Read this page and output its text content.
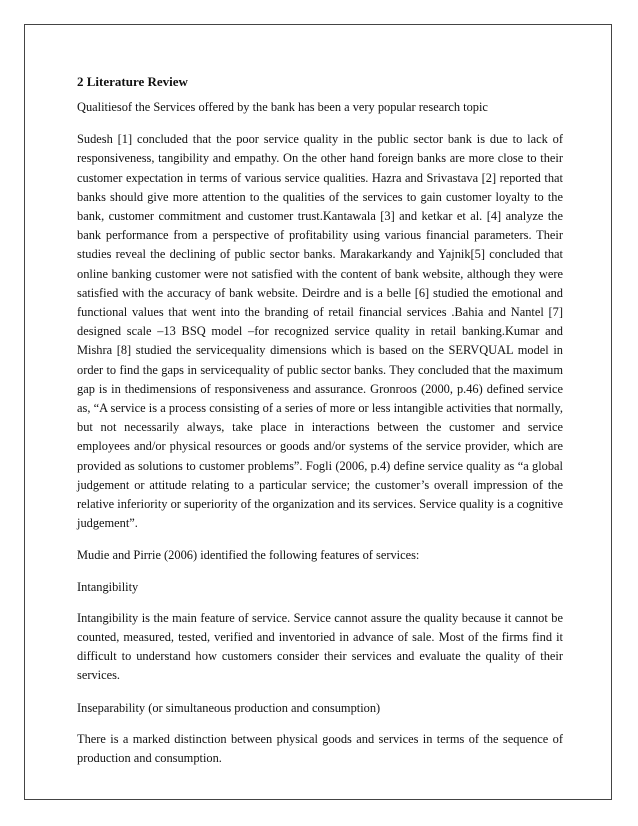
2 Literature Review

Qualitiesof the Services offered by the bank has been a very popular research topic

Sudesh [1] concluded that the poor service quality in the public sector bank is due to lack of responsiveness, tangibility and empathy. On the other hand foreign banks are more close to their customer expectation in terms of various service qualities. Hazra and Srivastava [2] reported that banks should give more attention to the qualities of the services to gain customer loyalty to the bank, customer commitment and customer trust.Kantawala [3] and ketkar et al. [4] analyze the bank performance from a perspective of profitability using various financial parameters. Their studies reveal the declining of public sector banks. Marakarkandy and Yajnik[5] concluded that online banking customer were not satisfied with the content of bank website, although they were satisfied with the accuracy of bank website. Deirdre and is a belle [6] studied the emotional and functional values that went into the branding of retail financial services .Bahia and Nantel [7] designed scale –13 BSQ model –for recognized service quality in retail banking.Kumar and Mishra [8] studied the servicequality dimensions which is based on the SERVQUAL model in order to find the gaps in servicequality of public sector banks. They concluded that the maximum gap is in thedimensions of responsiveness and assurance. Gronroos (2000, p.46) defined service as, “A service is a process consisting of a series of more or less intangible activities that normally, but not necessarily always, take place in interactions between the customer and service employees and/or physical resources or goods and/or systems of the service provider, which are provided as solutions to customer problems”. Fogli (2006, p.4) define service quality as “a global judgement or attitude relating to a particular service; the customer’s overall impression of the relative inferiority or superiority of the organization and its services. Service quality is a cognitive judgement”.

Mudie and Pirrie (2006) identified the following features of services:

Intangibility

Intangibility is the main feature of service. Service cannot assure the quality because it cannot be counted, measured, tested, verified and inventoried in advance of sale. Most of the firms find it difficult to understand how customers consider their services and evaluate the quality of their services.

Inseparability (or simultaneous production and consumption)

There is a marked distinction between physical goods and services in terms of the sequence of production and consumption.
